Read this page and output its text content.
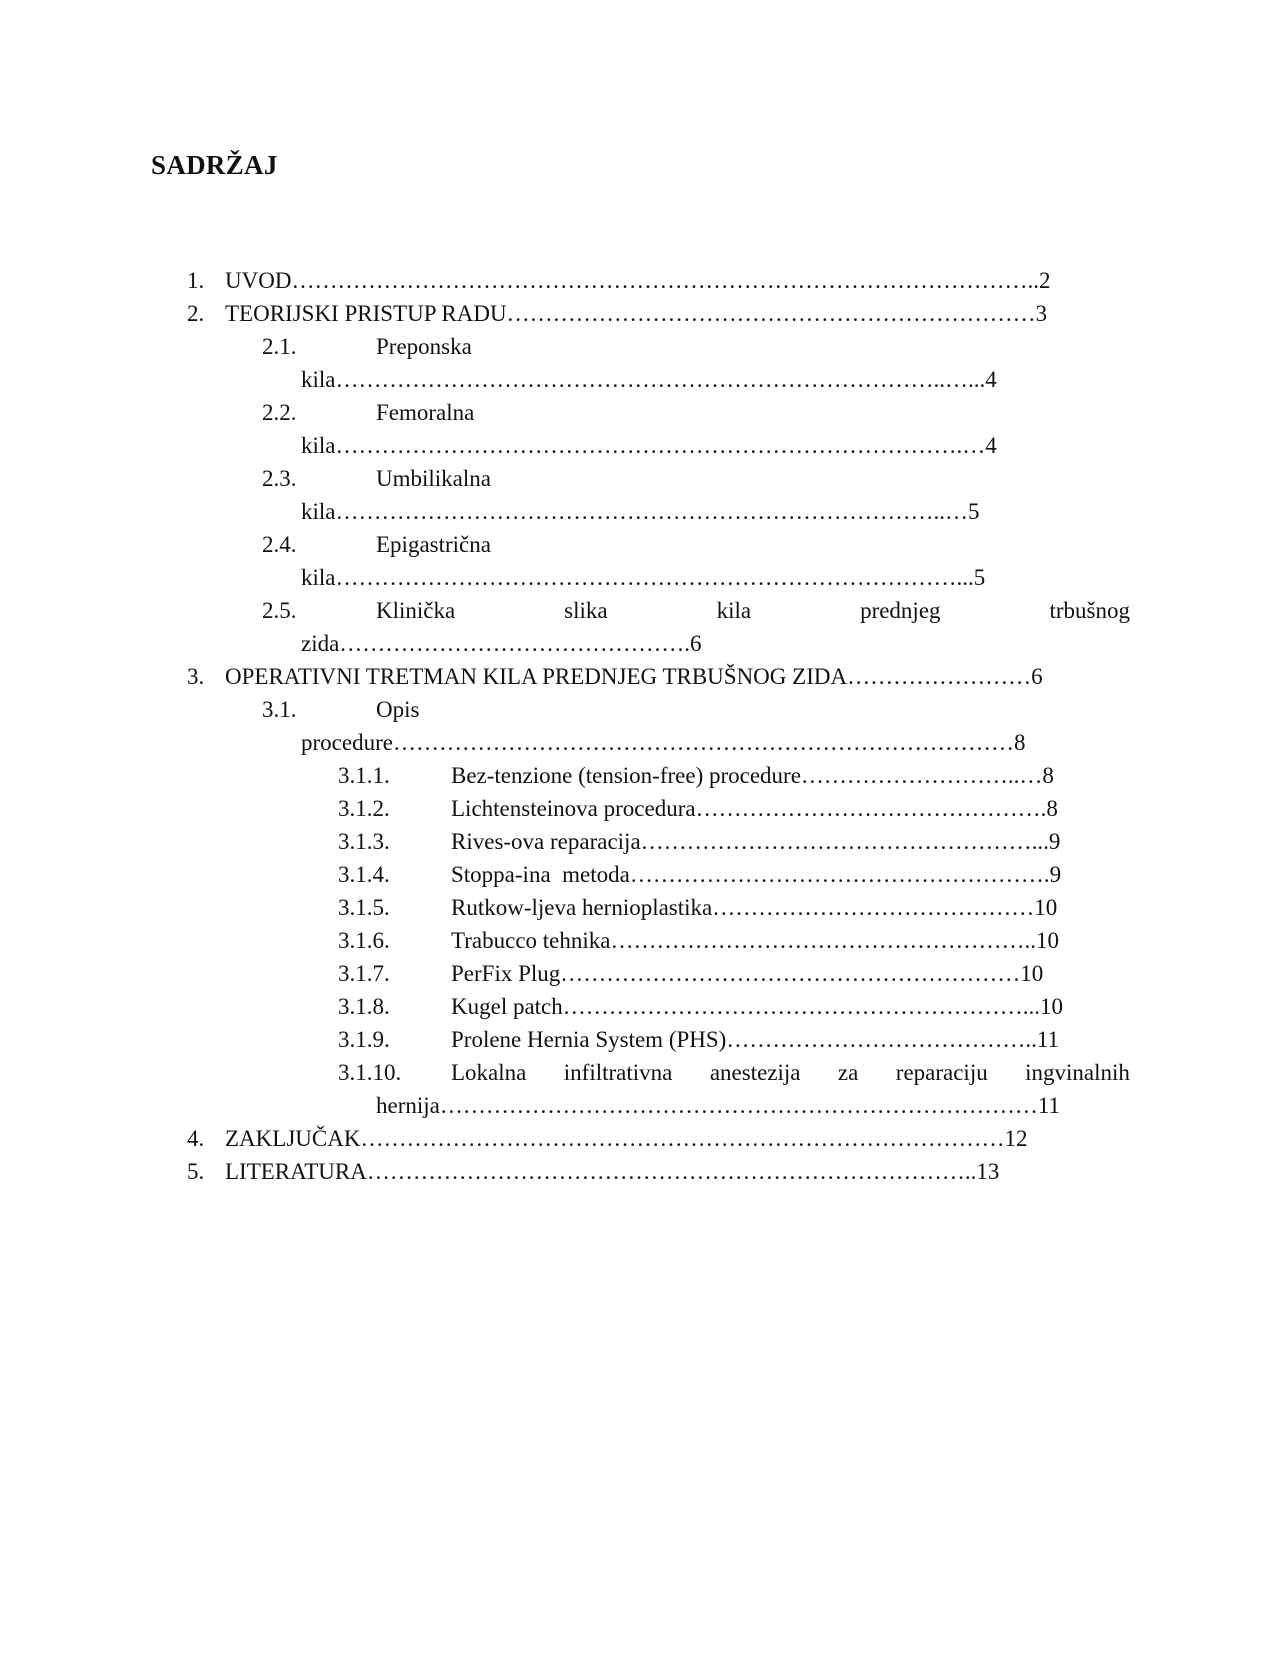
SADRŽAJ
1. UVOD……………………………………………………………………………………..2
2. TEORIJSKI PRISTUP RADU……………………………………………………………3
2.1.	Preponska
kila……………………………………………………………………..…...4
2.2.	Femoralna
kila……………………………………………………………………….…4
2.3.	Umbilikalna
kila……………………………………………………………………..…5
2.4.	Epigastrična
kila………………………………………………………………………...5
2.5.	Klinička	slika	kila	prednjeg	trbušnog
zida……………………………………….6
3. OPERATIVNI TRETMAN KILA PREDNJEG TRBUŠNOG ZIDA……………………6
3.1.	Opis
procedure………………………………………………………………………8
3.1.1.	Bez-tenzione (tension-free) procedure………………………..…8
3.1.2.	Lichtensteinova procedura……………………………………….8
3.1.3.	Rives-ova reparacija……………………………………………...9
3.1.4.	Stoppa-ina  metoda……………………………………………….9
3.1.5.	Rutkow-ljeva hernioplastika……………………………………10
3.1.6.	Trabucco tehnika………………………………………………..10
3.1.7.	PerFix Plug……………………………………………………10
3.1.8.	Kugel patch……………………………………………………...10
3.1.9.	Prolene Hernia System (PHS)…………………………………..11
3.1.10. Lokalna infiltrativna anestezija za reparaciju ingvinalnih
hernija……………………………………………………………………11
4. ZAKLJUČAK…………………………………………………………………………12
5. LITERATURA……………………………………………………………………..13
